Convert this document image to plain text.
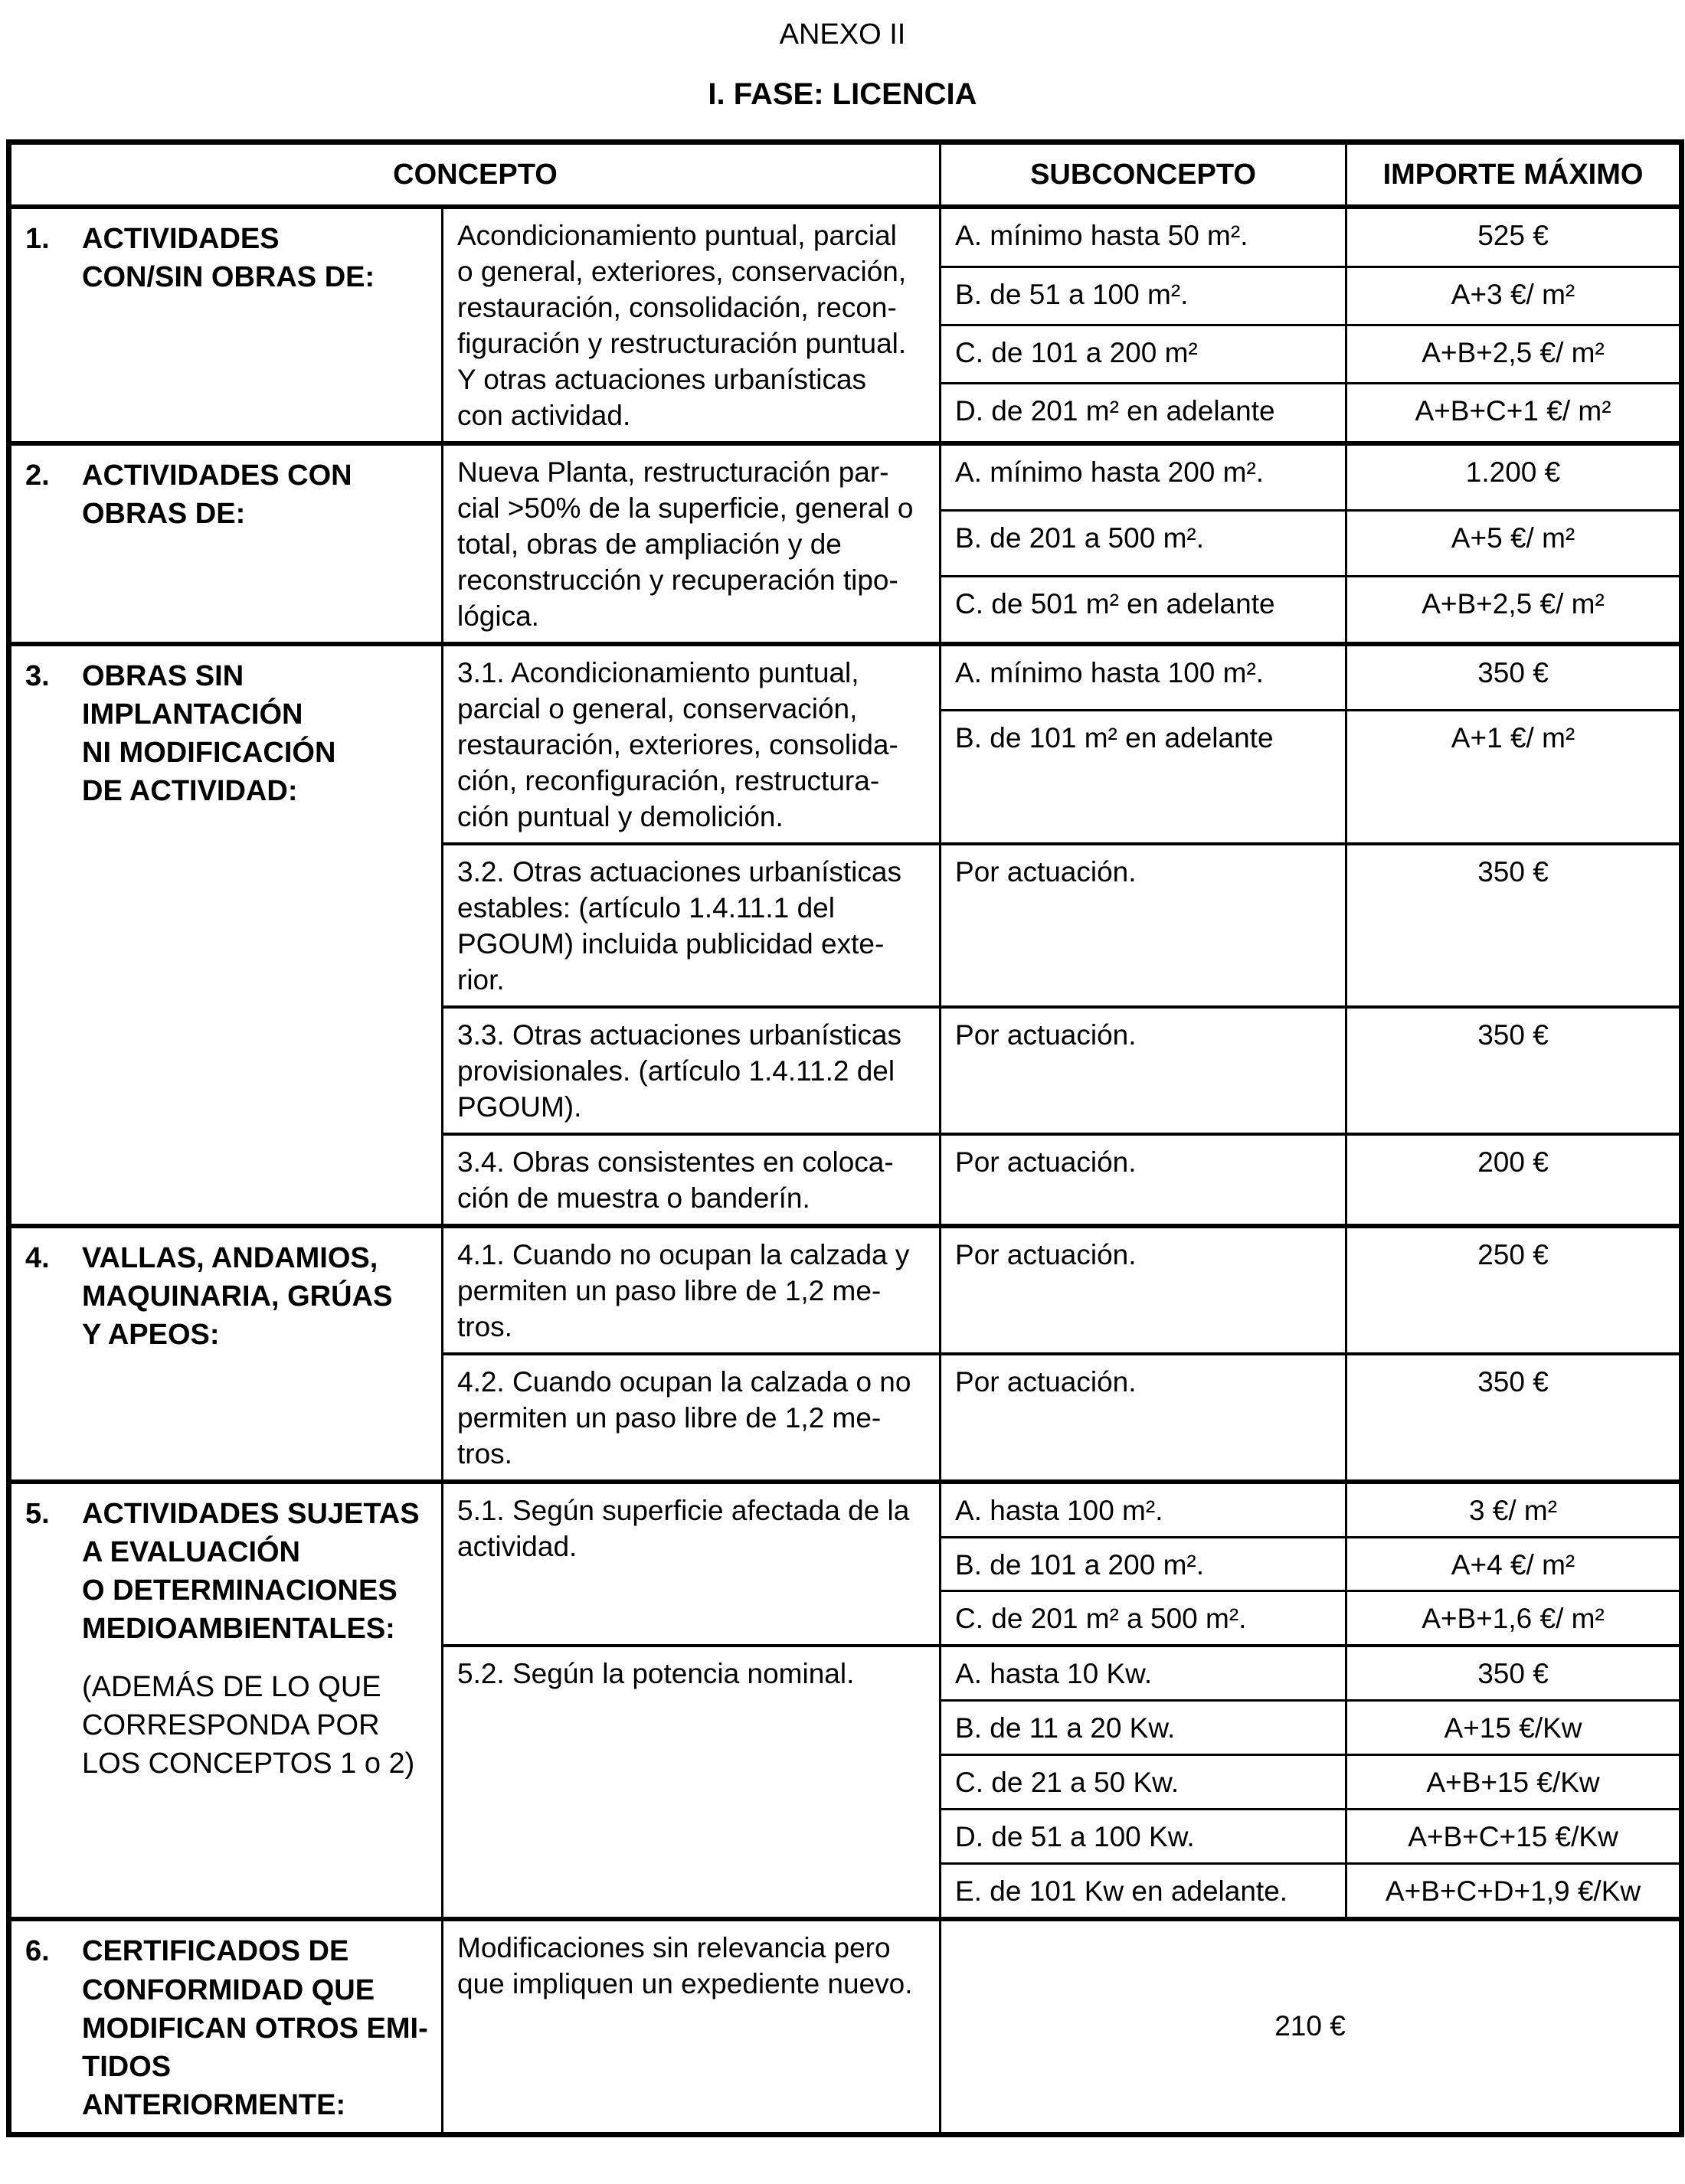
ANEXO II

I. FASE: LICENCIA

CONCEPTO		SUBCONCEPTO	IMPORTE MÁXIMO

1.	ACTIVIDADES
CON/SIN OBRAS DE:
	Acondicionamiento puntual, parcial
o general, exteriores, conservación,
restauración, consolidación, recon-
figuración y restructuración puntual.
Y otras actuaciones urbanísticas
con actividad.	A. mínimo hasta 50 m².	525 €
		B. de 51 a 100 m².	A+3 €/ m²
		C. de 101 a 200 m²	A+B+2,5 €/ m²
		D. de 201 m² en adelante	A+B+C+1 €/ m²

2. ACTIVIDADES CON
OBRAS DE:	Nueva Planta, restructuración par-
cial >50% de la superficie, general o
total, obras de ampliación y de
reconstrucción y recuperación tipo-
lógica.	A. mínimo hasta 200 m².	1.200 €
		B. de 201 a 500 m².	A+5 €/ m²
		C. de 501 m² en adelante	A+B+2,5 €/ m²

3. OBRAS SIN
IMPLANTACIÓN
NI MODIFICACIÓN
DE ACTIVIDAD:	3.1. Acondicionamiento puntual,
parcial o general, conservación,
restauración, exteriores, consolida-
ción, reconfiguración, restructura-
ción puntual y demolición.	A. mínimo hasta 100 m².	350 €
		B. de 101 m² en adelante	A+1 €/ m²
	3.2. Otras actuaciones urbanísticas
estables: (artículo 1.4.11.1 del
PGOUM) incluida publicidad exte-
rior.	Por actuación.	350 €
	3.3. Otras actuaciones urbanísticas
provisionales. (artículo 1.4.11.2 del
PGOUM).	Por actuación.	350 €
	3.4. Obras consistentes en coloca-
ción de muestra o banderín.	Por actuación.	200 €

4. VALLAS, ANDAMIOS,
MAQUINARIA, GRÚAS
Y APEOS:	4.1. Cuando no ocupan la calzada y
permiten un paso libre de 1,2 me-
tros.	Por actuación.	250 €
	4.2. Cuando ocupan la calzada o no
permiten un paso libre de 1,2 me-
tros.	Por actuación.	350 €

5.	ACTIVIDADES SUJETAS
A EVALUACIÓN
O DETERMINACIONES
MEDIOAMBIENTALES:
(ADEMÁS DE LO QUE
CORRESPONDA POR
LOS CONCEPTOS 1 o 2)
	5.1. Según superficie afectada de la
actividad.	A. hasta 100 m².	3 €/ m²
		B. de 101 a 200 m².	A+4 €/ m²
		C. de 201 m² a 500 m².	A+B+1,6 €/ m²
	5.2. Según la potencia nominal.	A. hasta 10 Kw.	350 €
		B. de 11 a 20 Kw.	A+15 €/Kw
		C. de 21 a 50 Kw.	A+B+15 €/Kw
		D. de 51 a 100 Kw.	A+B+C+15 €/Kw
		E. de 101 Kw en adelante.	A+B+C+D+1,9 €/Kw

6. CERTIFICADOS DE
CONFORMIDAD QUE
MODIFICAN OTROS EMI-
TIDOS ANTERIORMENTE:	Modificaciones sin relevancia pero
que impliquen un expediente nuevo.	210 €	
